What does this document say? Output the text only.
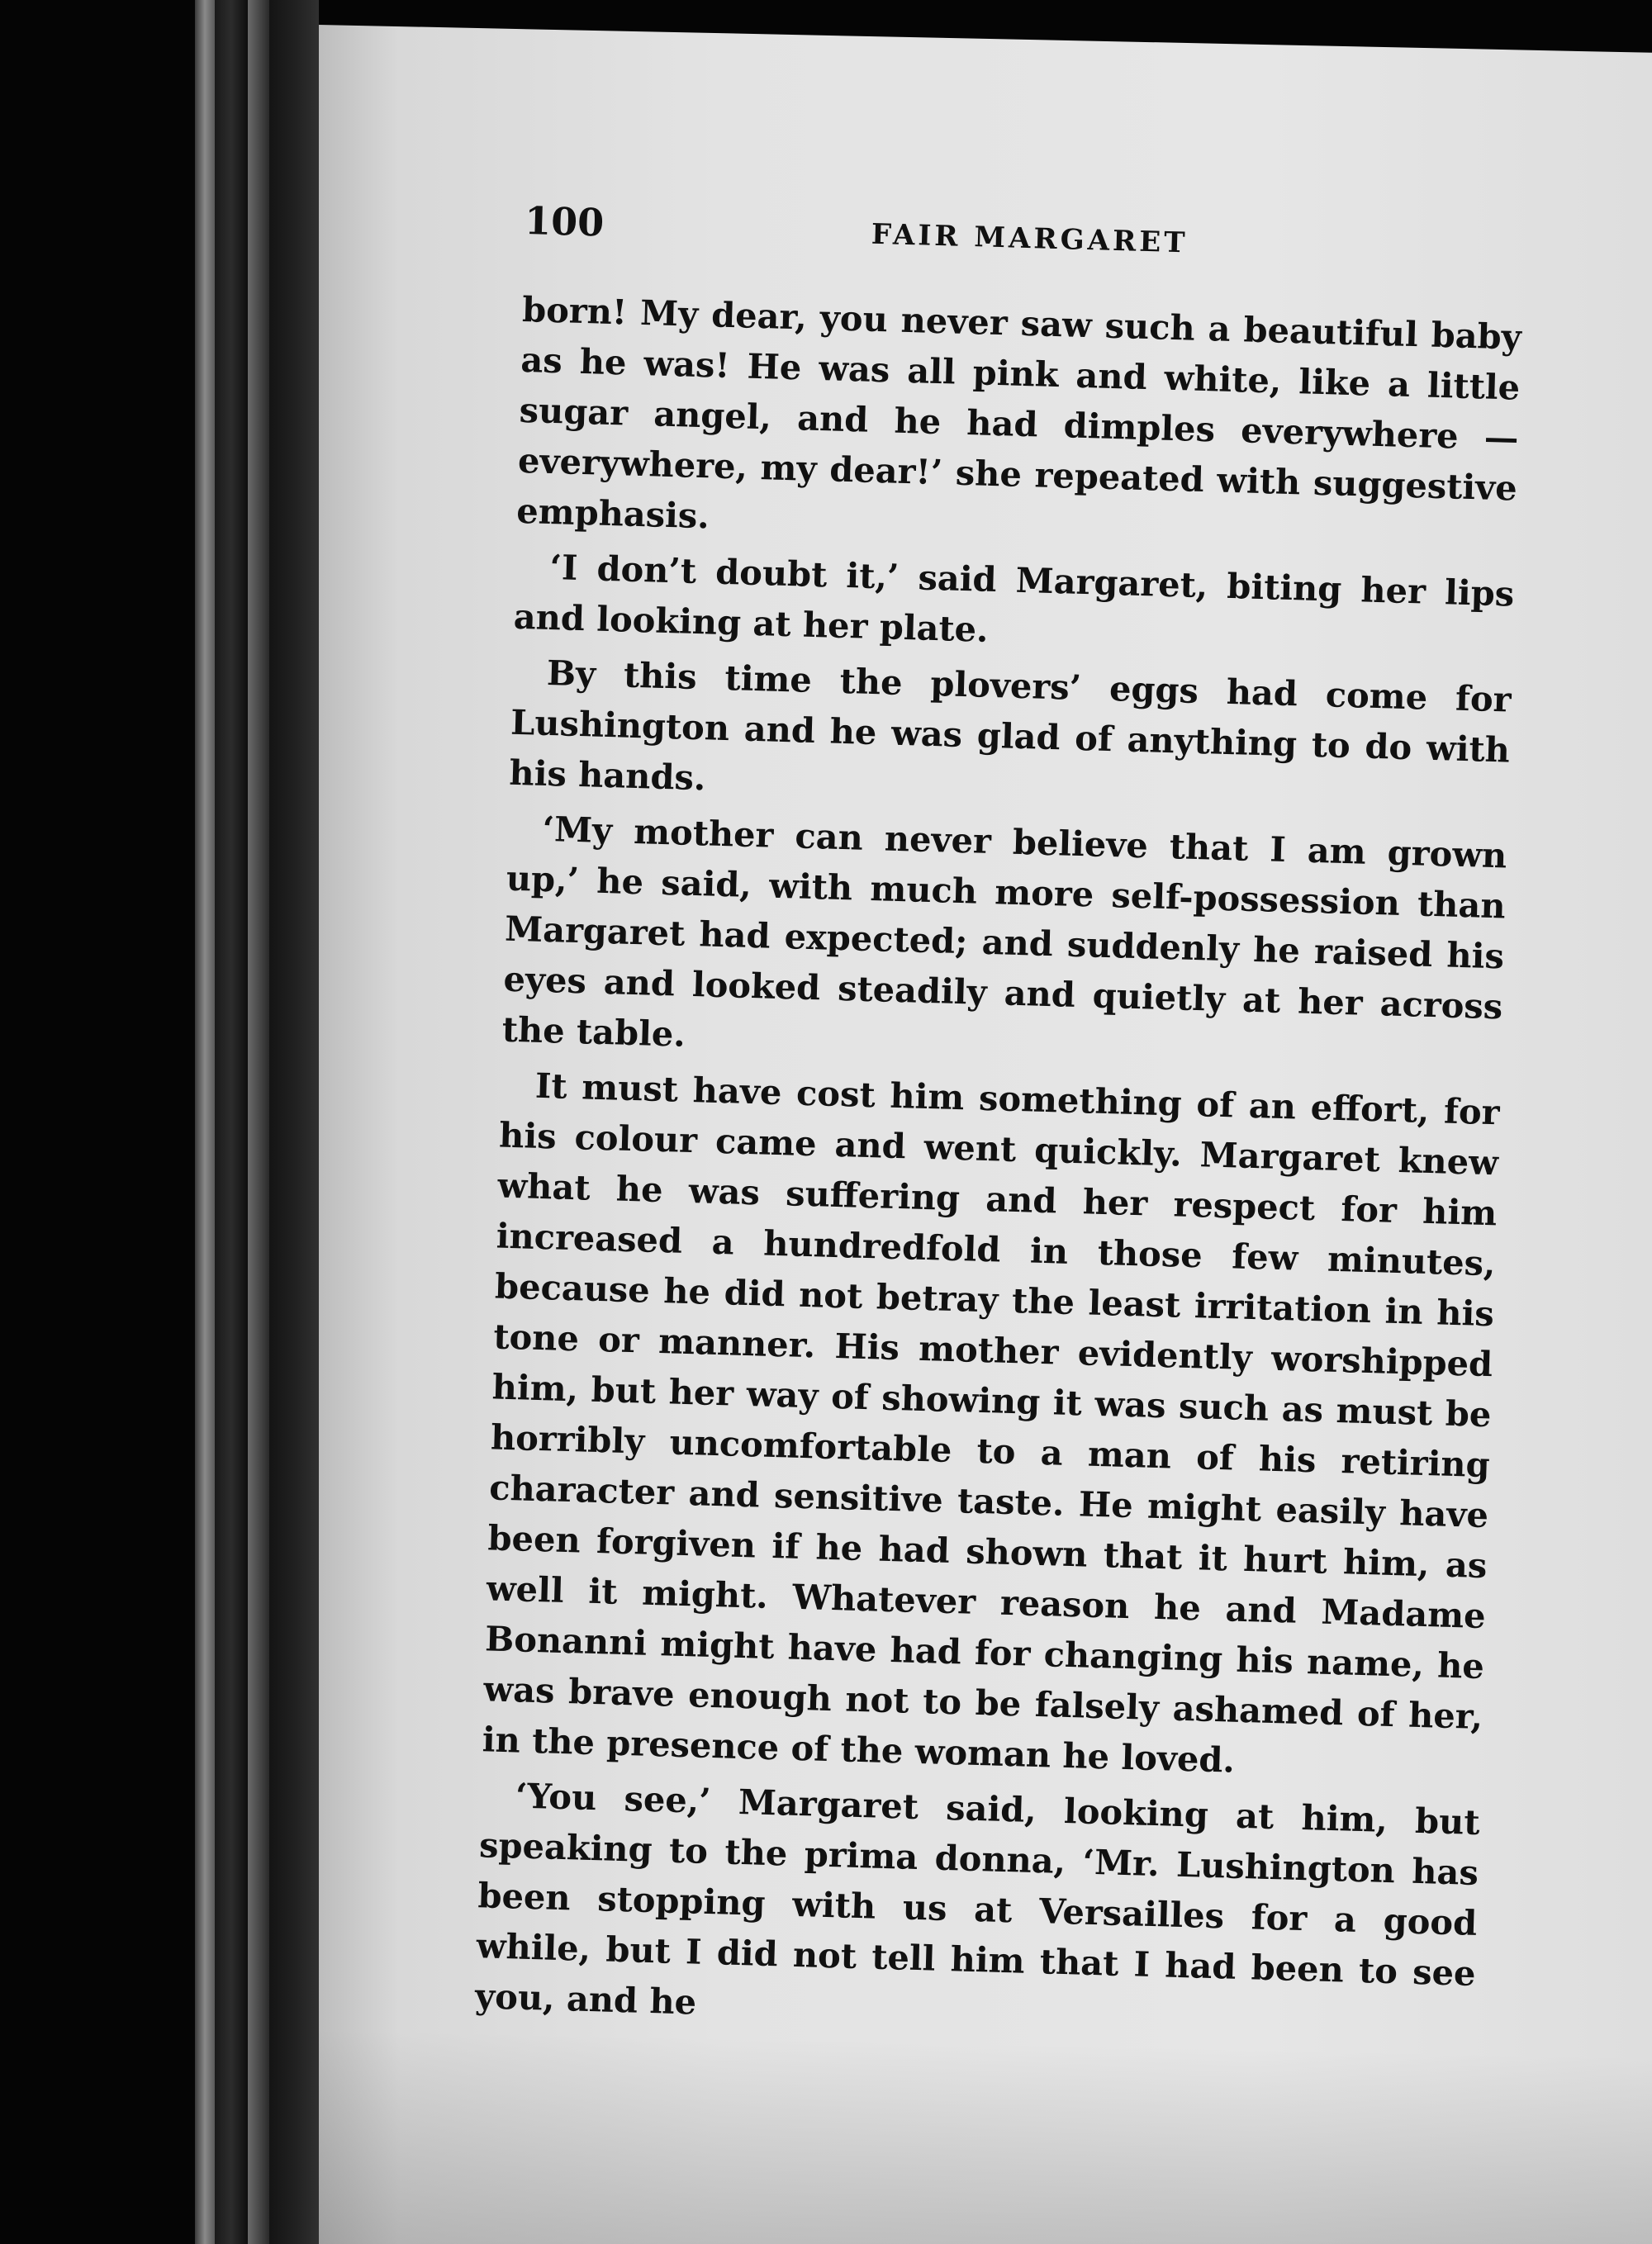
100	FAIR MARGARET

born! My dear, you never saw such a beautiful baby as he was! He was all pink and white, like a little sugar angel, and he had dimples everywhere — everywhere, my dear!’ she repeated with suggestive emphasis.

‘I don’t doubt it,’ said Margaret, biting her lips and looking at her plate.

By this time the plovers’ eggs had come for Lushington and he was glad of anything to do with his hands.

‘My mother can never believe that I am grown up,’ he said, with much more self-possession than Margaret had expected; and suddenly he raised his eyes and looked steadily and quietly at her across the table.

It must have cost him something of an effort, for his colour came and went quickly. Margaret knew what he was suffering and her respect for him increased a hundredfold in those few minutes, because he did not betray the least irritation in his tone or manner. His mother evidently worshipped him, but her way of showing it was such as must be horribly uncomfortable to a man of his retiring character and sensitive taste. He might easily have been forgiven if he had shown that it hurt him, as well it might. Whatever reason he and Madame Bonanni might have had for changing his name, he was brave enough not to be falsely ashamed of her, in the presence of the woman he loved.

‘You see,’ Margaret said, looking at him, but speaking to the prima donna, ‘Mr. Lushington has been stopping with us at Versailles for a good while, but I did not tell him that I had been to see you, and he
